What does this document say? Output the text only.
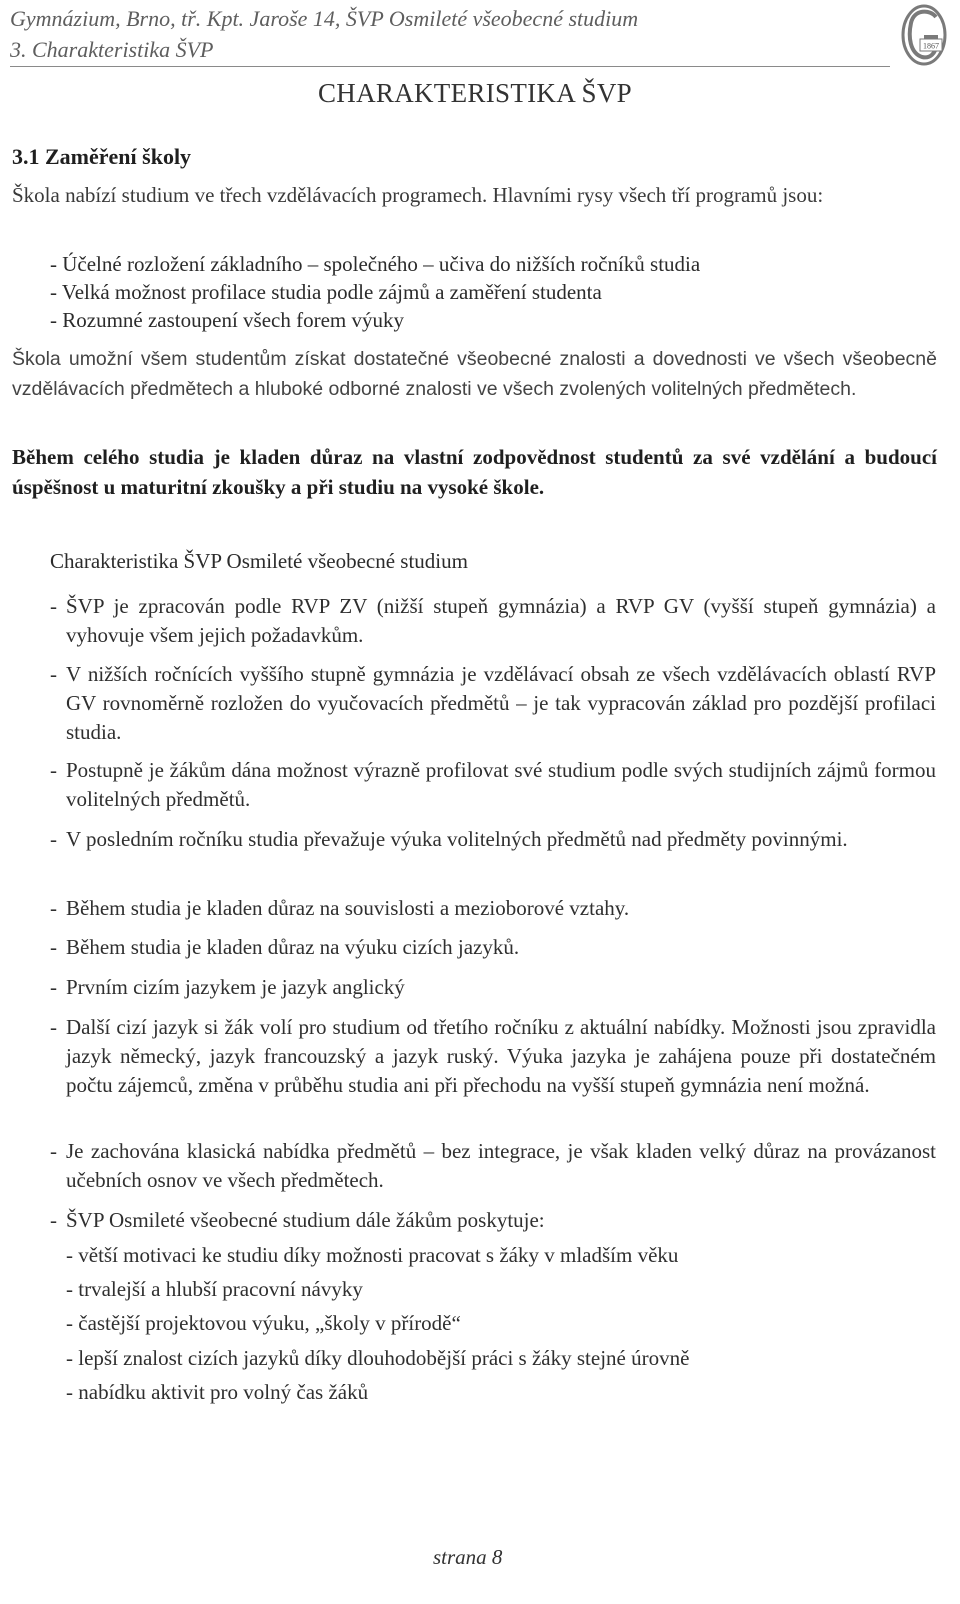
Gymnázium, Brno, tř. Kpt. Jaroše 14, ŠVP Osmileté všeobecné studium
3. Charakteristika ŠVP	1867
CHARAKTERISTIKA ŠVP
3.1 Zaměření školy
Škola nabízí studium ve třech vzdělávacích programech. Hlavními rysy všech tří programů jsou:
- Účelné rozložení základního – společného – učiva do nižších ročníků studia
- Velká možnost profilace studia podle zájmů a zaměření studenta
- Rozumné zastoupení všech forem výuky
Škola umožní všem studentům získat dostatečné všeobecné znalosti a dovednosti ve všech všeobecně vzdělávacích předmětech a hluboké odborné znalosti ve všech zvolených volitelných předmětech.
Během celého studia je kladen důraz na vlastní zodpovědnost studentů za své vzdělání a budoucí úspěšnost u maturitní zkoušky a při studiu na vysoké škole.
Charakteristika ŠVP Osmileté všeobecné studium
- ŠVP je zpracován podle RVP ZV (nižší stupeň gymnázia) a RVP GV (vyšší stupeň gymnázia) a vyhovuje všem jejich požadavkům.
- V nižších ročnících vyššího stupně gymnázia je vzdělávací obsah ze všech vzdělávacích oblastí RVP GV rovnoměrně rozložen do vyučovacích předmětů – je tak vypracován základ pro pozdější profilaci studia.
- Postupně je žákům dána možnost výrazně profilovat své studium podle svých studijních zájmů formou volitelných předmětů.
- V posledním ročníku studia převažuje výuka volitelných předmětů nad předměty povinnými.
- Během studia je kladen důraz na souvislosti a mezioborové vztahy.
- Během studia je kladen důraz na výuku cizích jazyků.
- Prvním cizím jazykem je jazyk anglický
- Další cizí jazyk si žák volí pro studium od třetího ročníku z aktuální nabídky. Možnosti jsou zpravidla jazyk německý, jazyk francouzský a jazyk ruský. Výuka jazyka je zahájena pouze při dostatečném počtu zájemců, změna v průběhu studia ani při přechodu na vyšší stupeň gymnázia není možná.
- Je zachována klasická nabídka předmětů – bez integrace, je však kladen velký důraz na provázanost učebních osnov ve všech předmětech.
- ŠVP Osmileté všeobecné studium dále žákům poskytuje:
- větší motivaci ke studiu díky možnosti pracovat s žáky v mladším věku
- trvalejší a hlubší pracovní návyky
- častější projektovou výuku, „školy v přírodě“
- lepší znalost cizích jazyků díky dlouhodobější práci s žáky stejné úrovně
- nabídku aktivit pro volný čas žáků
strana 8
